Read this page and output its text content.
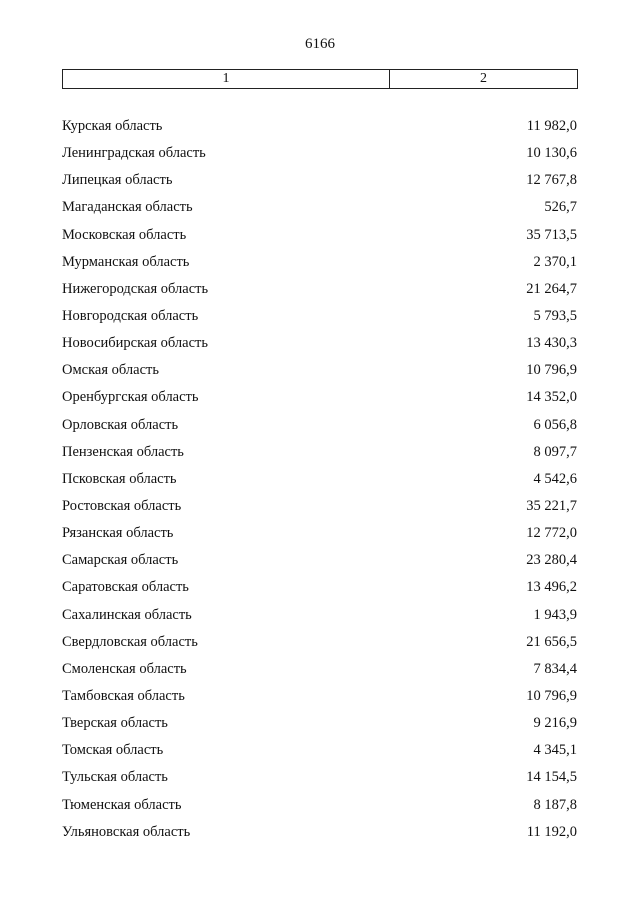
6166
1	2
Курская область	11 982,0
Ленинградская область	10 130,6
Липецкая область	12 767,8
Магаданская область	526,7
Московская область	35 713,5
Мурманская область	2 370,1
Нижегородская область	21 264,7
Новгородская область	5 793,5
Новосибирская область	13 430,3
Омская область	10 796,9
Оренбургская область	14 352,0
Орловская область	6 056,8
Пензенская область	8 097,7
Псковская область	4 542,6
Ростовская область	35 221,7
Рязанская область	12 772,0
Самарская область	23 280,4
Саратовская область	13 496,2
Сахалинская область	1 943,9
Свердловская область	21 656,5
Смоленская область	7 834,4
Тамбовская область	10 796,9
Тверская область	9 216,9
Томская область	4 345,1
Тульская область	14 154,5
Тюменская область	8 187,8
Ульяновская область	11 192,0
